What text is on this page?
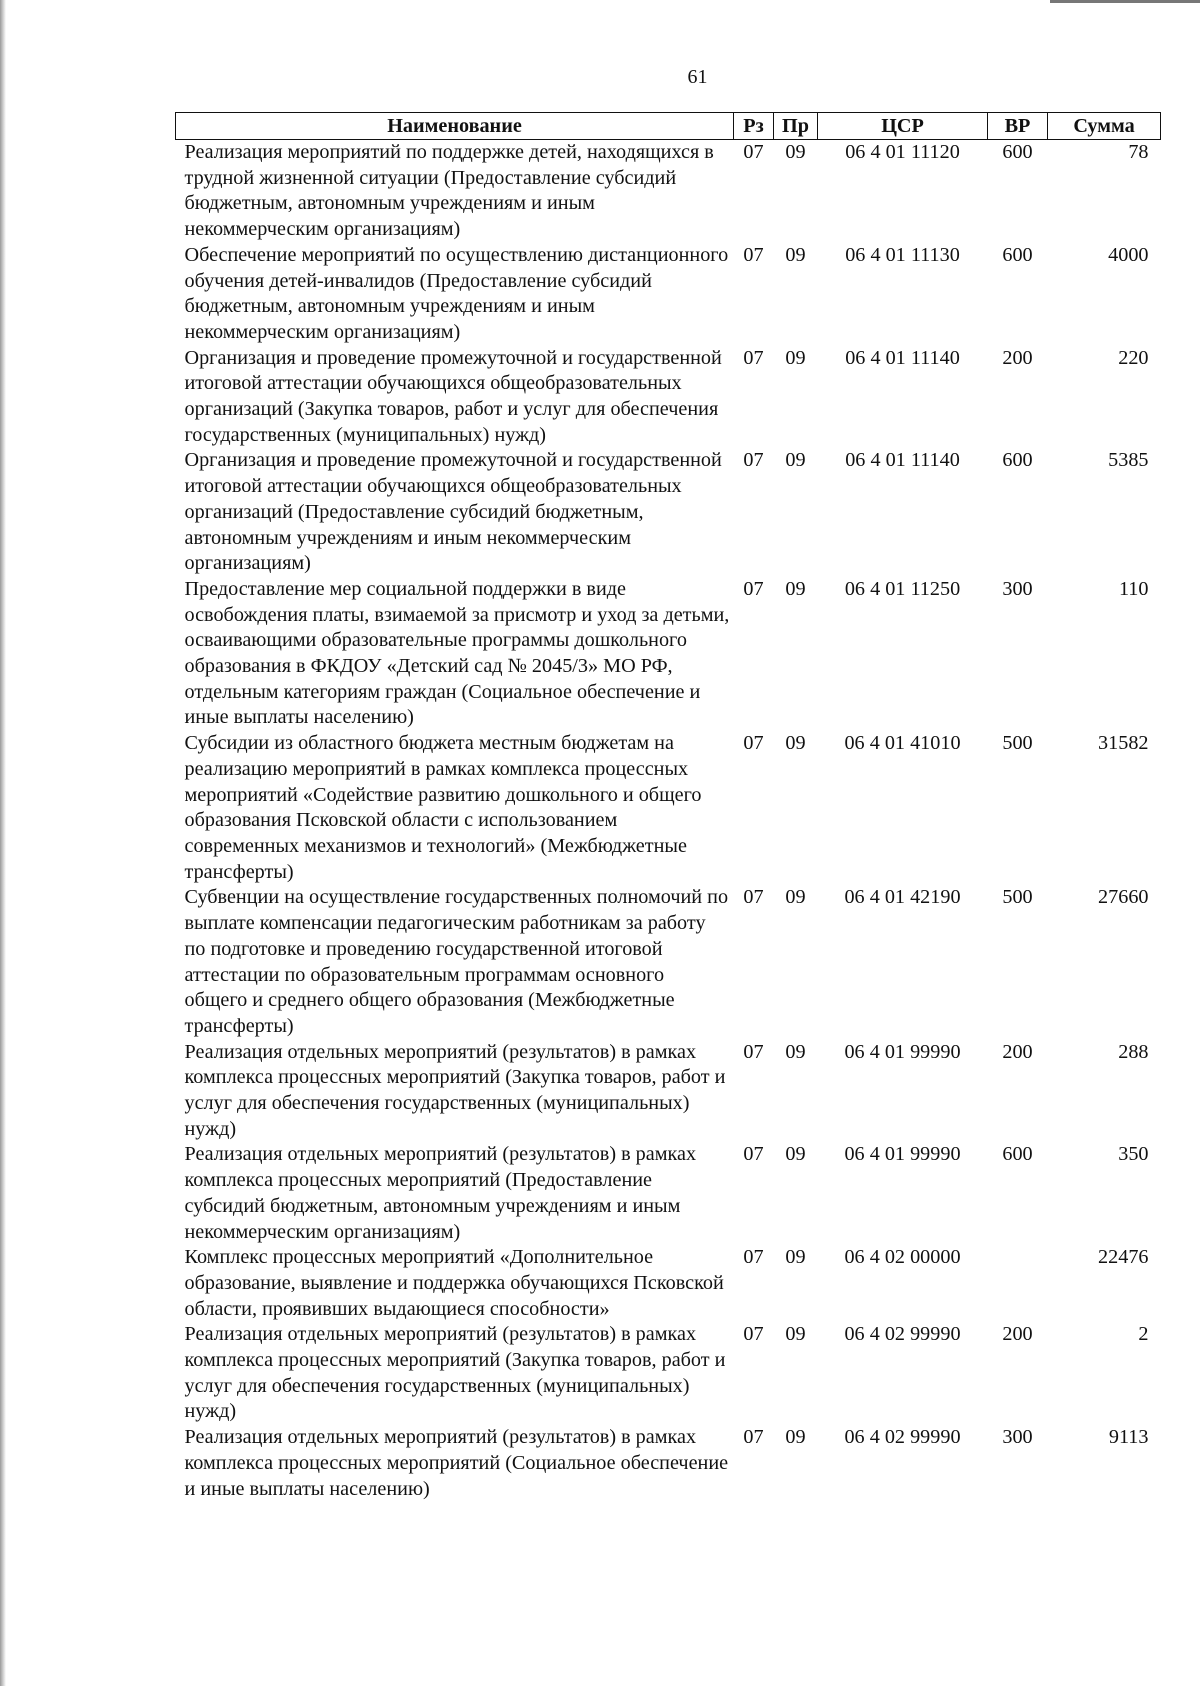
61
Наименование	Рз	Пр	ЦСР	ВР	Сумма
Реализация мероприятий по поддержке детей, находящихся в трудной жизненной ситуации (Предоставление субсидий бюджетным, автономным учреждениям и иным некоммерческим организациям)	07	09	06 4 01 11120	600	78
Обеспечение мероприятий по осуществлению дистанционного обучения детей-инвалидов (Предоставление субсидий бюджетным, автономным учреждениям и иным некоммерческим организациям)	07	09	06 4 01 11130	600	4000
Организация и проведение промежуточной и государственной итоговой аттестации обучающихся общеобразовательных организаций (Закупка товаров, работ и услуг для обеспечения государственных (муниципальных) нужд)	07	09	06 4 01 11140	200	220
Организация и проведение промежуточной и государственной итоговой аттестации обучающихся общеобразовательных организаций (Предоставление субсидий бюджетным, автономным учреждениям и иным некоммерческим организациям)	07	09	06 4 01 11140	600	5385
Предоставление мер социальной поддержки в виде освобождения платы, взимаемой за присмотр и уход за детьми, осваивающими образовательные программы дошкольного образования в ФКДОУ «Детский сад № 2045/3» МО РФ, отдельным категориям граждан (Социальное обеспечение и иные выплаты населению)	07	09	06 4 01 11250	300	110
Субсидии из областного бюджета местным бюджетам на реализацию мероприятий в рамках комплекса процессных мероприятий «Содействие развитию дошкольного и общего образования Псковской области с использованием современных механизмов и технологий» (Межбюджетные трансферты)	07	09	06 4 01 41010	500	31582
Субвенции на осуществление государственных полномочий по выплате компенсации педагогическим работникам за работу по подготовке и проведению государственной итоговой аттестации по образовательным программам основного общего и среднего общего образования (Межбюджетные трансферты)	07	09	06 4 01 42190	500	27660
Реализация отдельных мероприятий (результатов) в рамках комплекса процессных мероприятий (Закупка товаров, работ и услуг для обеспечения государственных (муниципальных) нужд)	07	09	06 4 01 99990	200	288
Реализация отдельных мероприятий (результатов) в рамках комплекса процессных мероприятий (Предоставление субсидий бюджетным, автономным учреждениям и иным некоммерческим организациям)	07	09	06 4 01 99990	600	350
Комплекс процессных мероприятий «Дополнительное образование, выявление и поддержка обучающихся Псковской области, проявивших выдающиеся способности»	07	09	06 4 02 00000		22476
Реализация отдельных мероприятий (результатов) в рамках комплекса процессных мероприятий (Закупка товаров, работ и услуг для обеспечения государственных (муниципальных) нужд)	07	09	06 4 02 99990	200	2
Реализация отдельных мероприятий (результатов) в рамках комплекса процессных мероприятий (Социальное обеспечение и иные выплаты населению)	07	09	06 4 02 99990	300	9113
